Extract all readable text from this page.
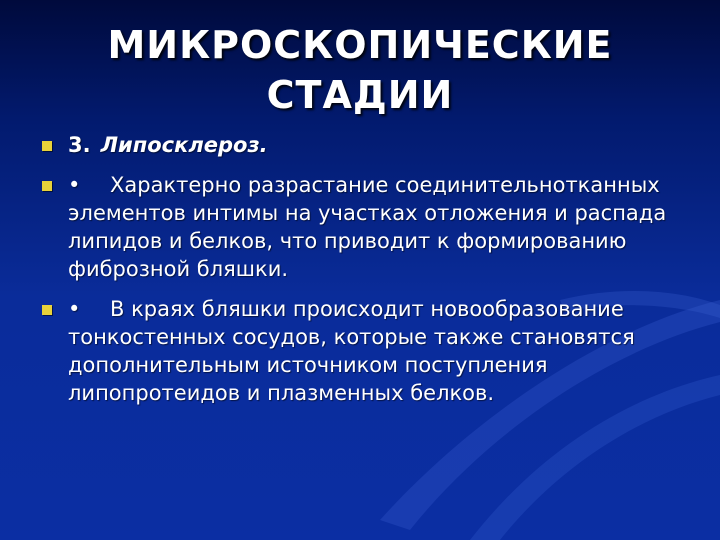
МИКРОСКОПИЧЕСКИЕ
СТАДИИ
3. Липосклероз.
• Характерно разрастание соединительнотканных элементов интимы на участках отложения и распада липидов и белков, что приводит к формированию фиброзной бляшки.
• В краях бляшки происходит новообразование тонкостенных сосудов, которые также становятся дополнительным источником поступления липопротеидов и плазменных белков.
